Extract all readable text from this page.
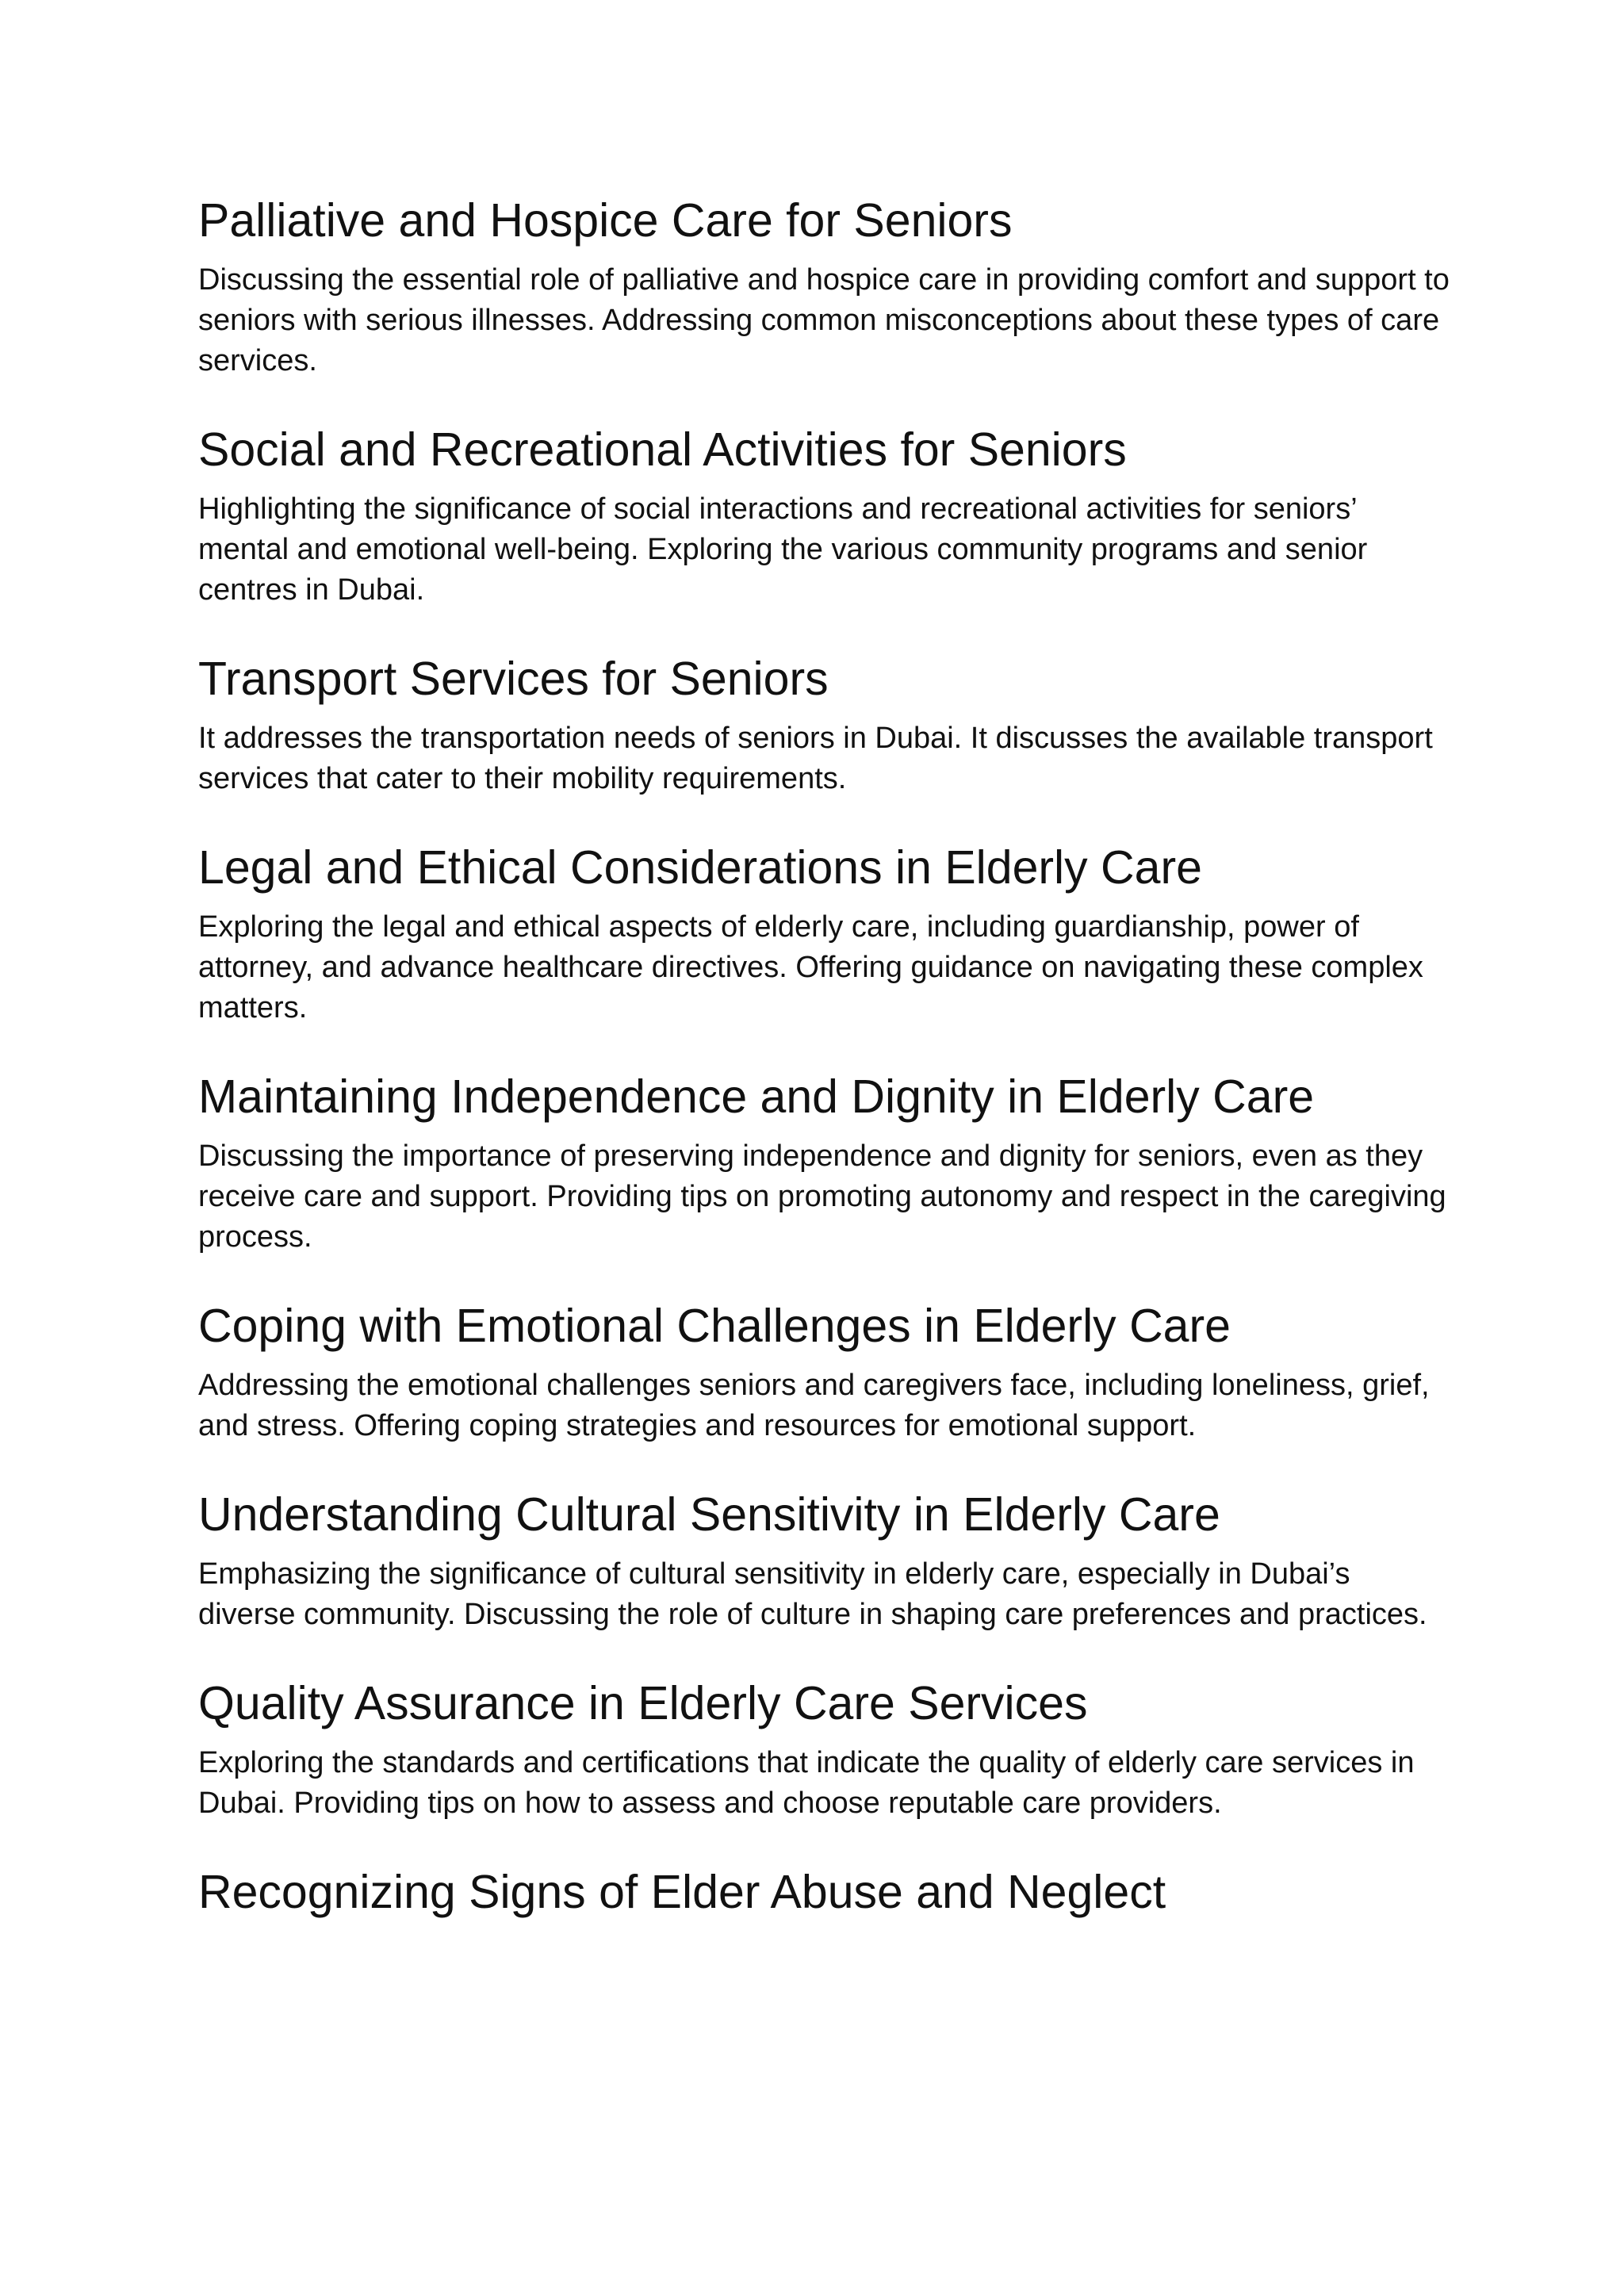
Palliative and Hospice Care for Seniors

Discussing the essential role of palliative and hospice care in providing comfort and support to seniors with serious illnesses. Addressing common misconceptions about these types of care services.

Social and Recreational Activities for Seniors

Highlighting the significance of social interactions and recreational activities for seniors’ mental and emotional well-being. Exploring the various community programs and senior centres in Dubai.

Transport Services for Seniors

It addresses the transportation needs of seniors in Dubai. It discusses the available transport services that cater to their mobility requirements.

Legal and Ethical Considerations in Elderly Care

Exploring the legal and ethical aspects of elderly care, including guardianship, power of attorney, and advance healthcare directives. Offering guidance on navigating these complex matters.

Maintaining Independence and Dignity in Elderly Care

Discussing the importance of preserving independence and dignity for seniors, even as they receive care and support. Providing tips on promoting autonomy and respect in the caregiving process.

Coping with Emotional Challenges in Elderly Care

Addressing the emotional challenges seniors and caregivers face, including loneliness, grief, and stress. Offering coping strategies and resources for emotional support.

Understanding Cultural Sensitivity in Elderly Care

Emphasizing the significance of cultural sensitivity in elderly care, especially in Dubai’s diverse community. Discussing the role of culture in shaping care preferences and practices.

Quality Assurance in Elderly Care Services

Exploring the standards and certifications that indicate the quality of elderly care services in Dubai. Providing tips on how to assess and choose reputable care providers.

Recognizing Signs of Elder Abuse and Neglect
